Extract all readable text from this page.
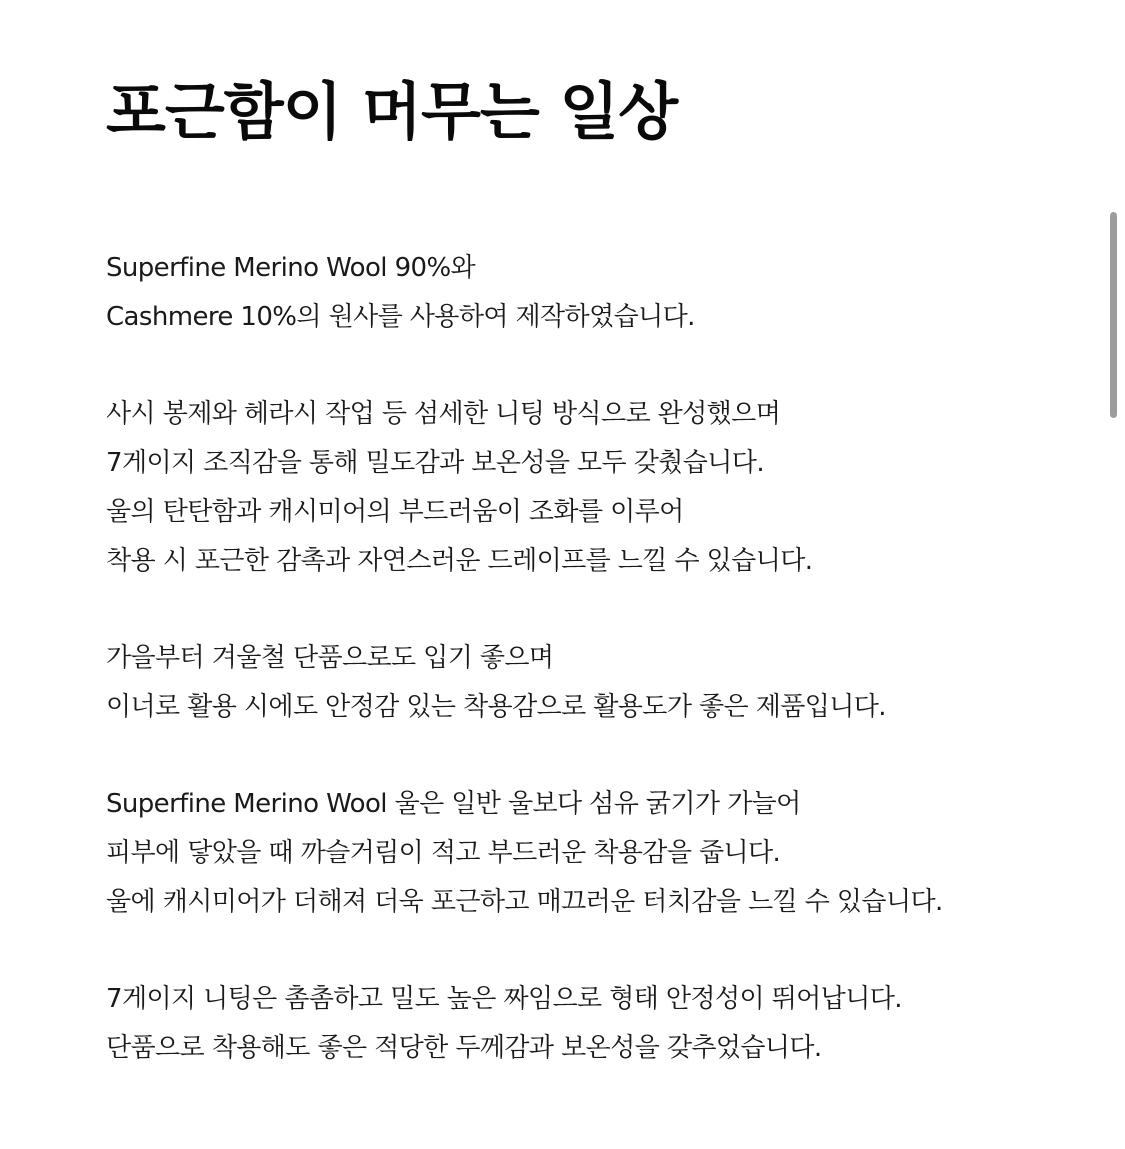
포근함이 머무는 일상

Superfine Merino Wool 90%와
Cashmere 10%의 원사를 사용하여 제작하였습니다.

사시 봉제와 헤라시 작업 등 섬세한 니팅 방식으로 완성했으며
7게이지 조직감을 통해 밀도감과 보온성을 모두 갖췄습니다.
울의 탄탄함과 캐시미어의 부드러움이 조화를 이루어
착용 시 포근한 감촉과 자연스러운 드레이프를 느낄 수 있습니다.

가을부터 겨울철 단품으로도 입기 좋으며
이너로 활용 시에도 안정감 있는 착용감으로 활용도가 좋은 제품입니다.

Superfine Merino Wool 울은 일반 울보다 섬유 굵기가 가늘어
피부에 닿았을 때 까슬거림이 적고 부드러운 착용감을 줍니다.
울에 캐시미어가 더해져 더욱 포근하고 매끄러운 터치감을 느낄 수 있습니다.

7게이지 니팅은 촘촘하고 밀도 높은 짜임으로 형태 안정성이 뛰어납니다.
단품으로 착용해도 좋은 적당한 두께감과 보온성을 갖추었습니다.
